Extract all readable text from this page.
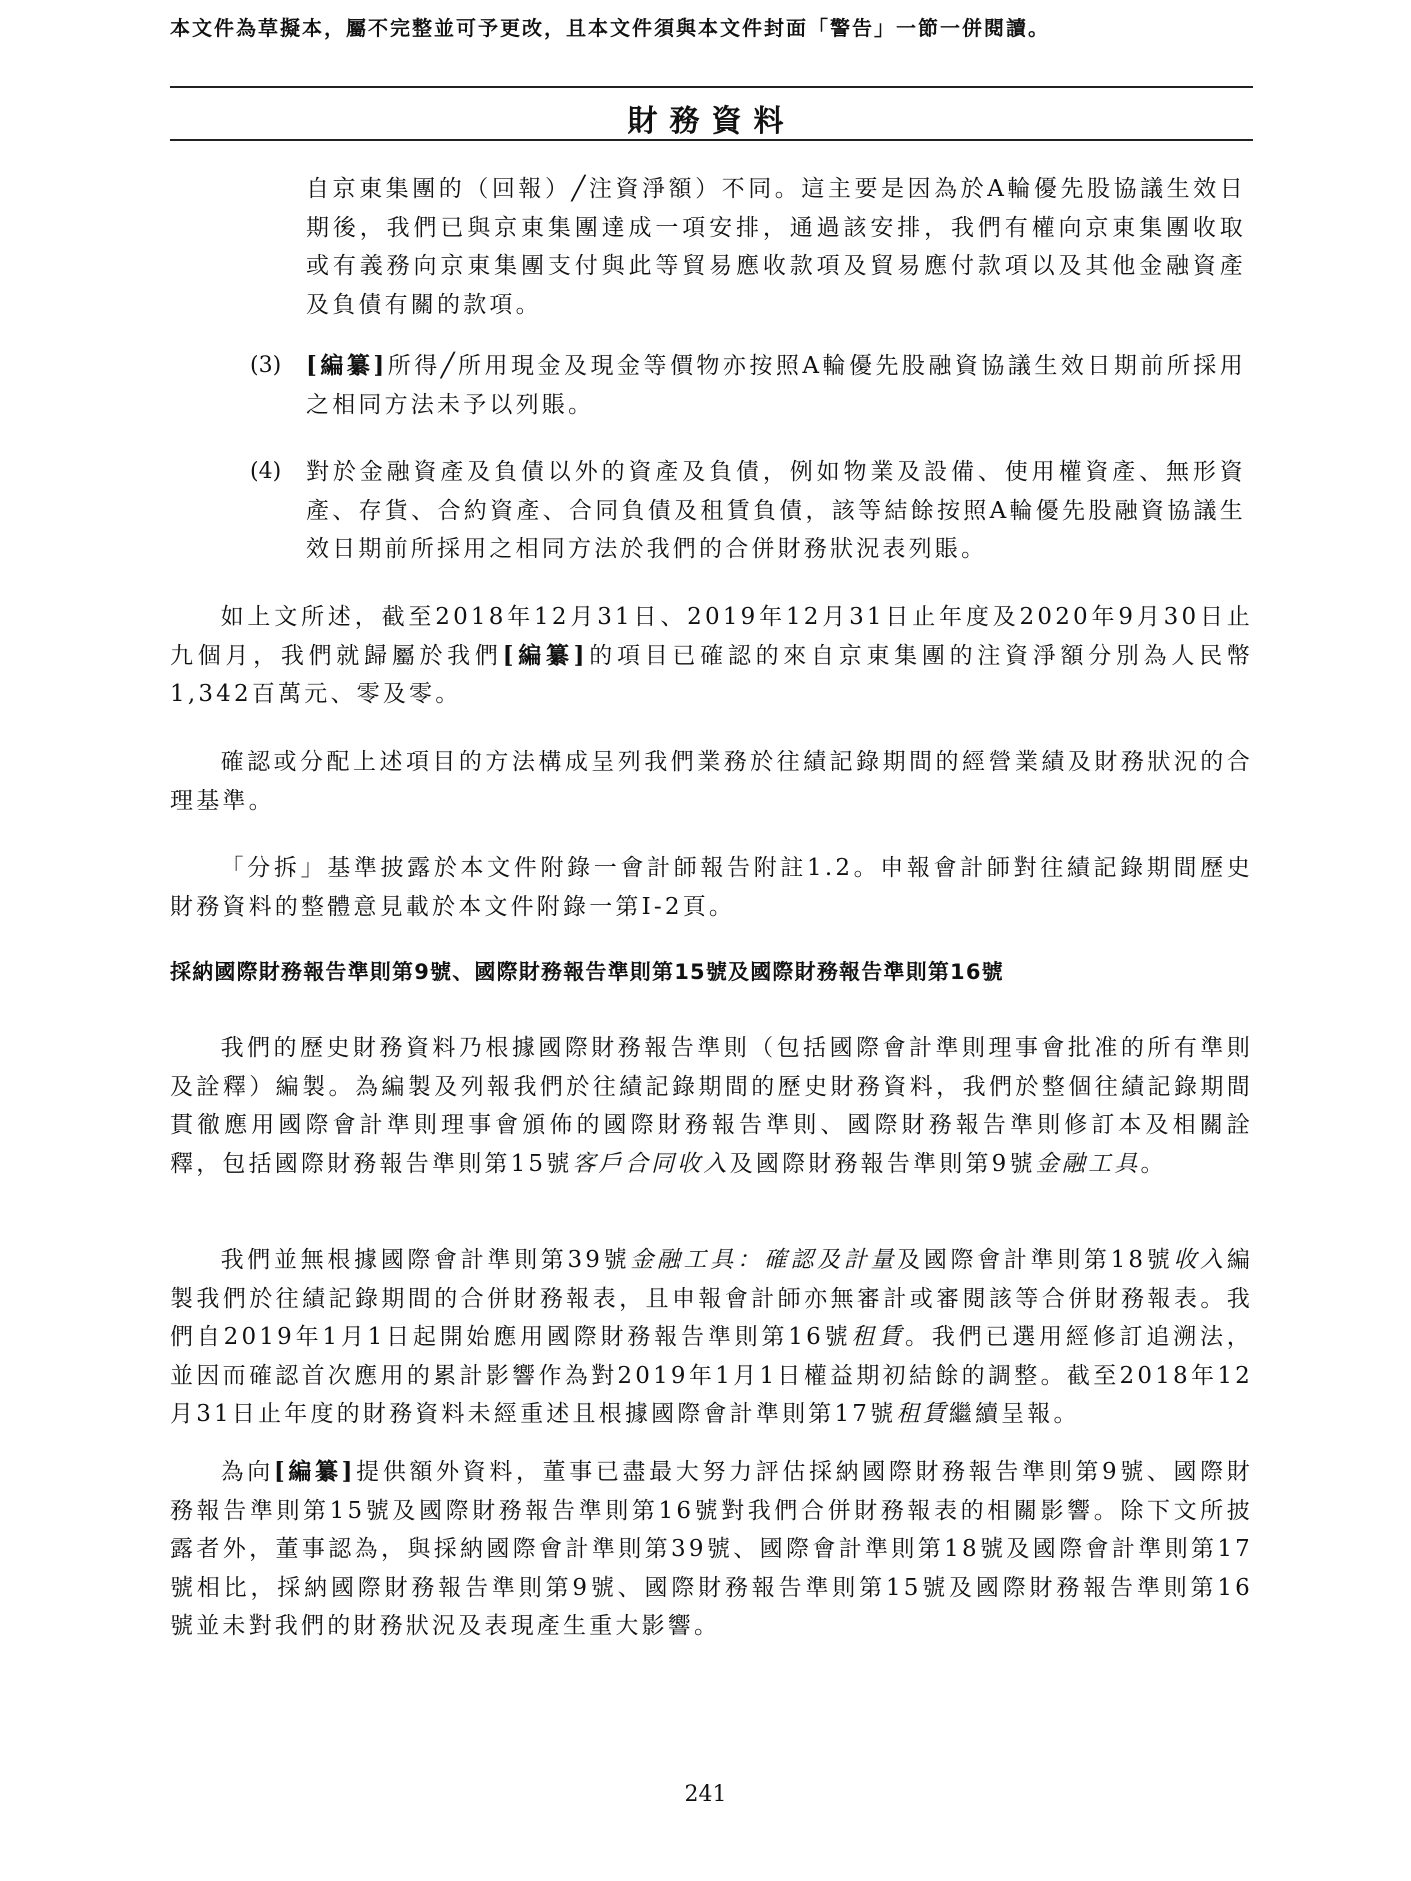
本文件為草擬本，屬不完整並可予更改，且本文件須與本文件封面「警告」一節一併閱讀。
財務資料
自京東集團的（回報）╱注資淨額）不同。這主要是因為於A輪優先股協議生效日期後，我們已與京東集團達成一項安排，通過該安排，我們有權向京東集團收取或有義務向京東集團支付與此等貿易應收款項及貿易應付款項以及其他金融資產及負債有關的款項。
(3) [編纂]所得╱所用現金及現金等價物亦按照A輪優先股融資協議生效日期前所採用之相同方法未予以列賬。
(4) 對於金融資產及負債以外的資產及負債，例如物業及設備、使用權資產、無形資產、存貨、合約資產、合同負債及租賃負債，該等結餘按照A輪優先股融資協議生效日期前所採用之相同方法於我們的合併財務狀況表列賬。
如上文所述，截至2018年12月31日、2019年12月31日止年度及2020年9月30日止九個月，我們就歸屬於我們[編纂]的項目已確認的來自京東集團的注資淨額分別為人民幣1,342百萬元、零及零。
確認或分配上述項目的方法構成呈列我們業務於往績記錄期間的經營業績及財務狀況的合理基準。
「分拆」基準披露於本文件附錄一會計師報告附註1.2。申報會計師對往績記錄期間歷史財務資料的整體意見載於本文件附錄一第I-2頁。
採納國際財務報告準則第9號、國際財務報告準則第15號及國際財務報告準則第16號
我們的歷史財務資料乃根據國際財務報告準則（包括國際會計準則理事會批准的所有準則及詮釋）編製。為編製及列報我們於往績記錄期間的歷史財務資料，我們於整個往績記錄期間貫徹應用國際會計準則理事會頒佈的國際財務報告準則、國際財務報告準則修訂本及相關詮釋，包括國際財務報告準則第15號客戶合同收入及國際財務報告準則第9號金融工具。
我們並無根據國際會計準則第39號金融工具：確認及計量及國際會計準則第18號收入編製我們於往績記錄期間的合併財務報表，且申報會計師亦無審計或審閱該等合併財務報表。我們自2019年1月1日起開始應用國際財務報告準則第16號租賃。我們已選用經修訂追溯法，並因而確認首次應用的累計影響作為對2019年1月1日權益期初結餘的調整。截至2018年12月31日止年度的財務資料未經重述且根據國際會計準則第17號租賃繼續呈報。
為向[編纂]提供額外資料，董事已盡最大努力評估採納國際財務報告準則第9號、國際財務報告準則第15號及國際財務報告準則第16號對我們合併財務報表的相關影響。除下文所披露者外，董事認為，與採納國際會計準則第39號、國際會計準則第18號及國際會計準則第17號相比，採納國際財務報告準則第9號、國際財務報告準則第15號及國際財務報告準則第16號並未對我們的財務狀況及表現產生重大影響。
241
